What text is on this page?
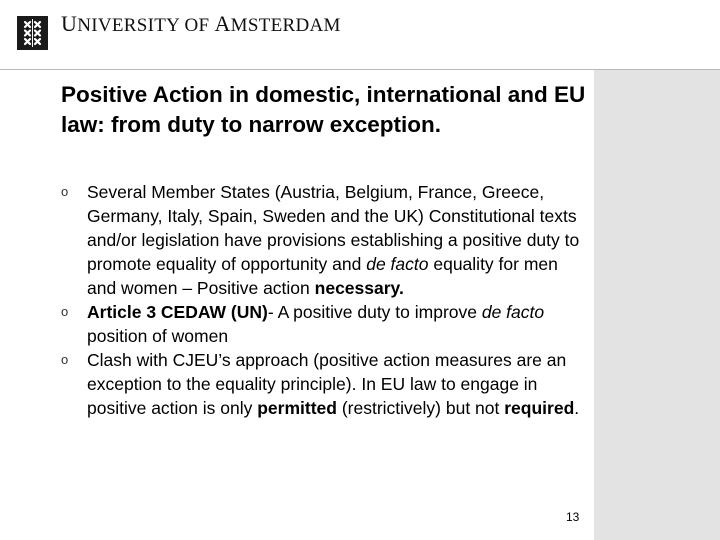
UNIVERSITY OF AMSTERDAM
Positive Action in domestic, international and EU law: from duty to narrow exception.
o Several Member States (Austria, Belgium, France, Greece, Germany, Italy, Spain, Sweden and the UK) Constitutional texts and/or legislation have provisions establishing a positive duty to promote equality of opportunity and de facto equality for men and women – Positive action necessary.
o Article 3 CEDAW (UN)- A positive duty to improve de facto position of women
o Clash with CJEU’s approach (positive action measures are an exception to the equality principle). In EU law to engage in positive action is only permitted (restrictively) but not required.
13
